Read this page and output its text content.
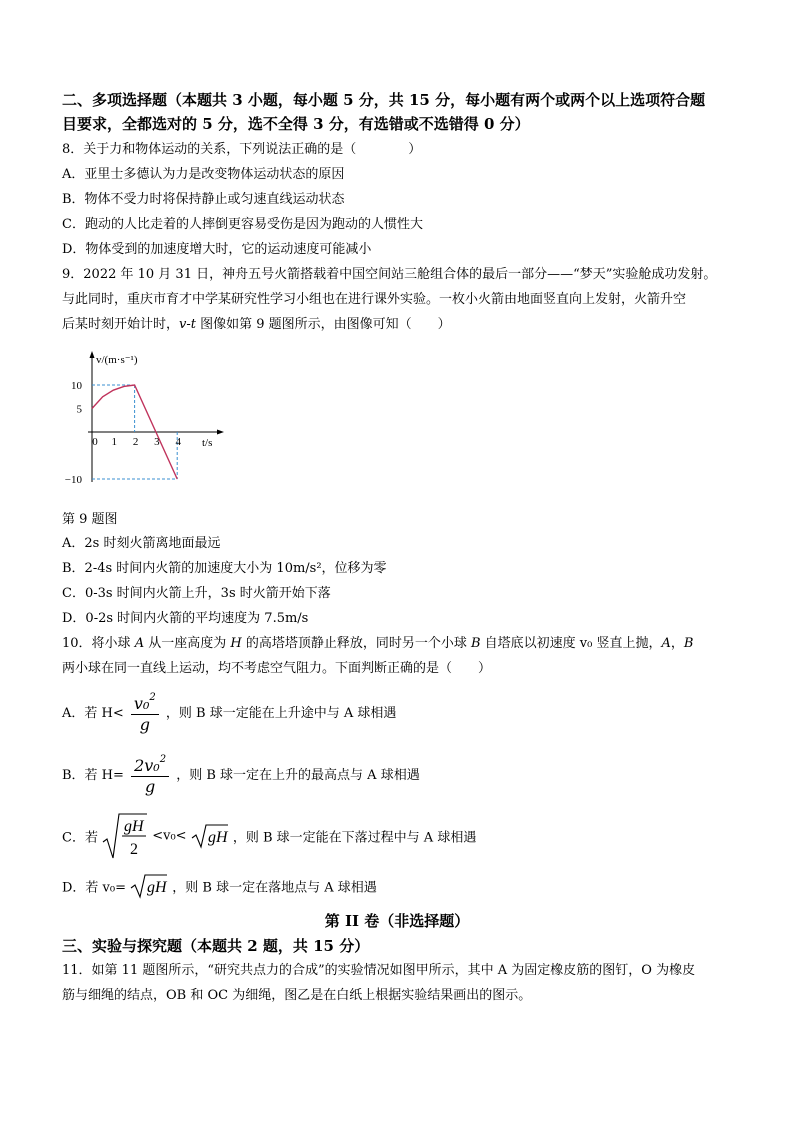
二、多项选择题（本题共 3 小题，每小题 5 分，共 15 分，每小题有两个或两个以上选项符合题
目要求，全都选对的 5 分，选不全得 3 分，有选错或不选错得 0 分）
8．关于力和物体运动的关系，下列说法正确的是（　　　　）
A．亚里士多德认为力是改变物体运动状态的原因
B．物体不受力时将保持静止或匀速直线运动状态
C．跑动的人比走着的人摔倒更容易受伤是因为跑动的人惯性大
D．物体受到的加速度增大时，它的运动速度可能减小
9．2022 年 10 月 31 日，神舟五号火箭搭载着中国空间站三舱组合体的最后一部分——“梦天”实验舱成功发射。
与此同时，重庆市育才中学某研究性学习小组也在进行课外实验。一枚小火箭由地面竖直向上发射，火箭升空
后某时刻开始计时，v-t 图像如第 9 题图所示，由图像可知（　　）
v/(m·s⁻¹)
t/s
0 1 2 3 4
10
5
−10
第 9 题图
A．2s 时刻火箭离地面最远
B．2-4s 时间内火箭的加速度大小为 10m/s²，位移为零
C．0-3s 时间内火箭上升，3s 时火箭开始下落
D．0-2s 时间内火箭的平均速度为 7.5m/s
10．将小球 A 从一座高度为 H 的高塔塔顶静止释放，同时另一个小球 B 自塔底以初速度 v₀ 竖直上抛，A，B
两小球在同一直线上运动，均不考虑空气阻力。下面判断正确的是（　　）
A．若 $H< \frac{v_0^2}{g}$ ，则 B 球一定能在上升途中与 A 球相遇
B．若 $H= \frac{2v_0^2}{g}$ ，则 B 球一定在上升的最高点与 A 球相遇
C．若
gH
2
<v₀< gH ，则 B 球一定能在下落过程中与 A 球相遇
D．若 v₀= gH ，则 B 球一定在落地点与 A 球相遇
第 II 卷（非选择题）
三、实验与探究题（本题共 2 题，共 15 分）
11．如第 11 题图所示，“研究共点力的合成”的实验情况如图甲所示，其中 A 为固定橡皮筋的图钉，O 为橡皮
筋与细绳的结点，OB 和 OC 为细绳，图乙是在白纸上根据实验结果画出的图示。
